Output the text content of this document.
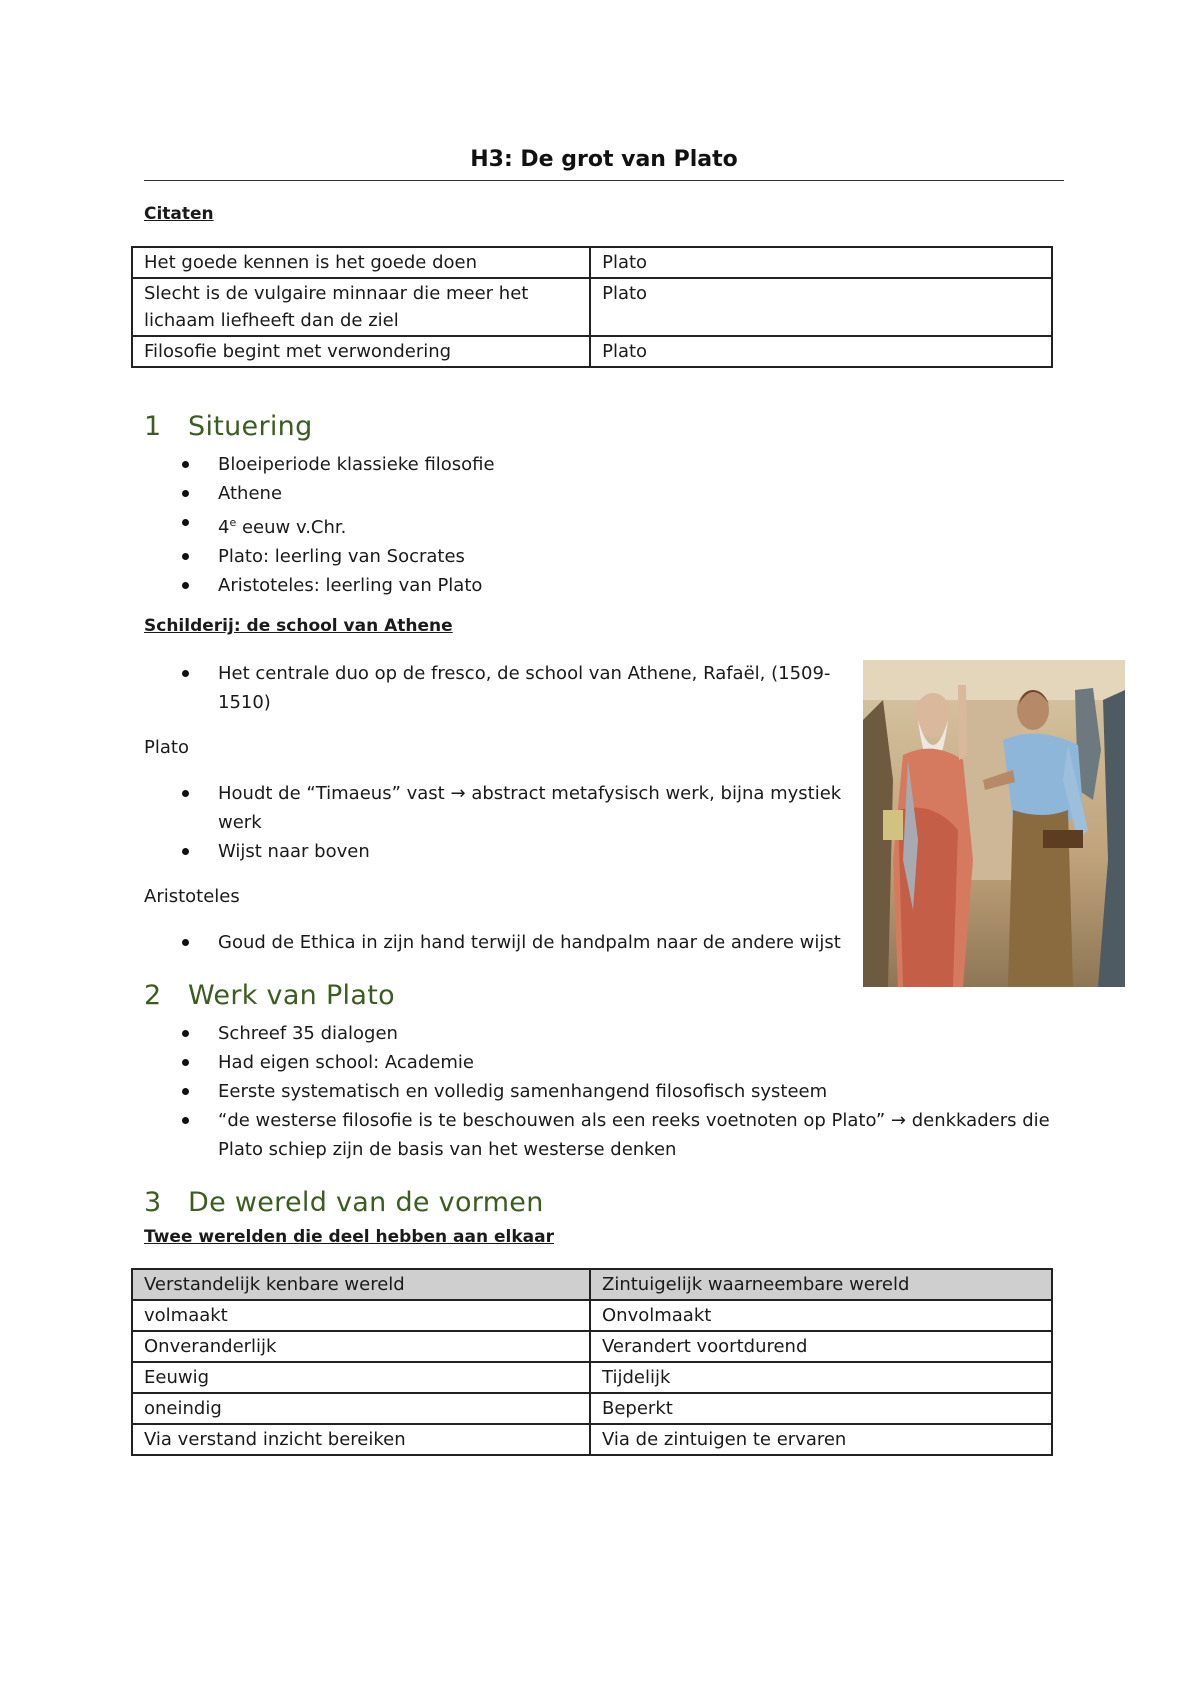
H3: De grot van Plato
Citaten
Het goede kennen is het goede doen	Plato
Slecht is de vulgaire minnaar die meer het lichaam liefheeft dan de ziel	Plato
Filosofie begint met verwondering	Plato
1 Situering
Bloeiperiode klassieke filosofie
Athene
4e eeuw v.Chr.
Plato: leerling van Socrates
Aristoteles: leerling van Plato
Schilderij: de school van Athene
Het centrale duo op de fresco, de school van Athene, Rafaël, (1509-1510)
Plato
Houdt de “Timaeus” vast → abstract metafysisch werk, bijna mystiek werk
Wijst naar boven
Aristoteles
Goud de Ethica in zijn hand terwijl de handpalm naar de andere wijst
2 Werk van Plato
Schreef 35 dialogen
Had eigen school: Academie
Eerste systematisch en volledig samenhangend filosofisch systeem
“de westerse filosofie is te beschouwen als een reeks voetnoten op Plato” → denkkaders die Plato schiep zijn de basis van het westerse denken
3 De wereld van de vormen
Twee werelden die deel hebben aan elkaar
Verstandelijk kenbare wereld	Zintuigelijk waarneembare wereld
volmaakt	Onvolmaakt
Onveranderlijk	Verandert voortdurend
Eeuwig	Tijdelijk
oneindig	Beperkt
Via verstand inzicht bereiken	Via de zintuigen te ervaren
